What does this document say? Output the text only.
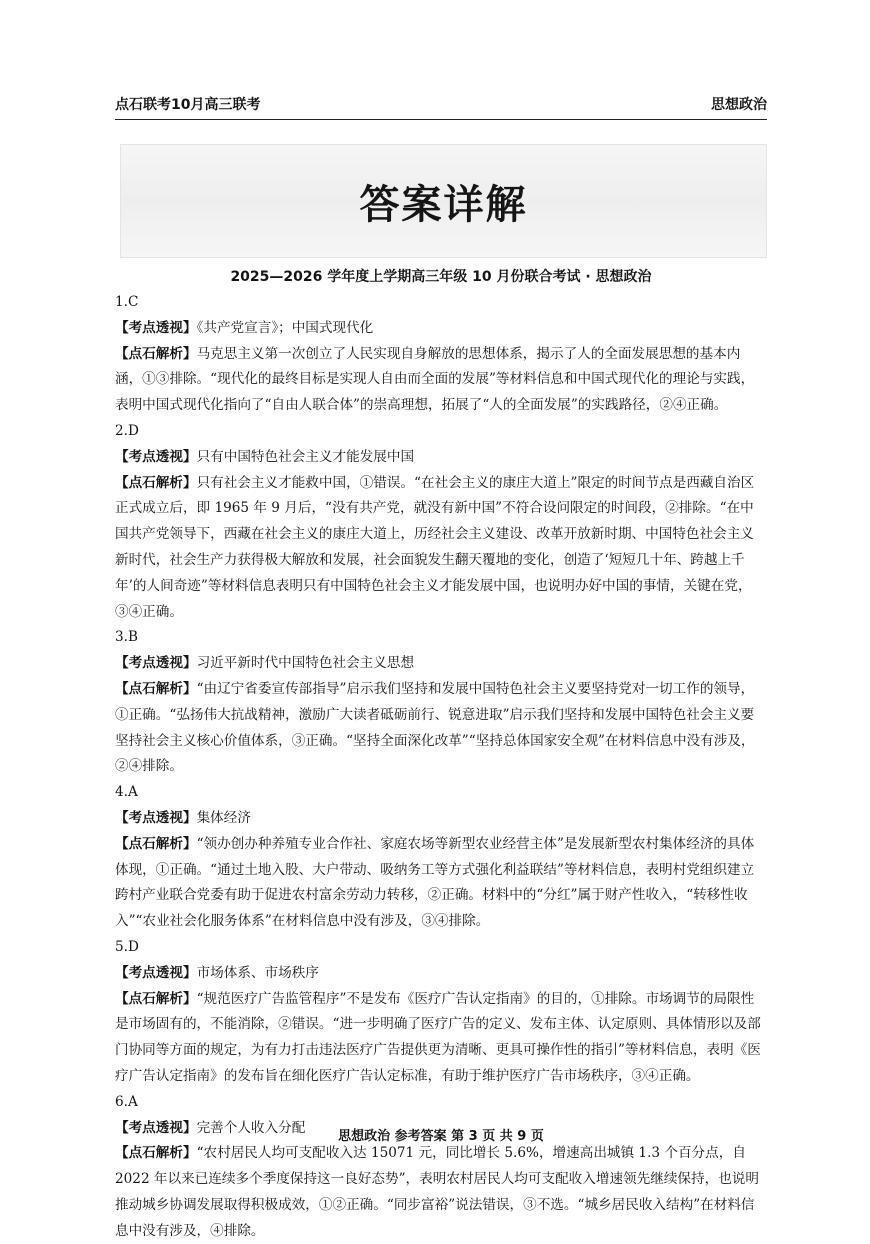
点石联考10月高三联考	思想政治
答案详解
2025—2026 学年度上学期高三年级 10 月份联合考试 · 思想政治

1.C

【考点透视】《共产党宣言》；中国式现代化

【点石解析】马克思主义第一次创立了人民实现自身解放的思想体系，揭示了人的全面发展思想的基本内涵，①③排除。“现代化的最终目标是实现人自由而全面的发展”等材料信息和中国式现代化的理论与实践，表明中国式现代化指向了“自由人联合体”的崇高理想，拓展了“人的全面发展”的实践路径，②④正确。

2.D

【考点透视】只有中国特色社会主义才能发展中国

【点石解析】只有社会主义才能救中国，①错误。“在社会主义的康庄大道上”限定的时间节点是西藏自治区正式成立后，即 1965 年 9 月后，“没有共产党，就没有新中国”不符合设问限定的时间段，②排除。“在中国共产党领导下，西藏在社会主义的康庄大道上，历经社会主义建设、改革开放新时期、中国特色社会主义新时代，社会生产力获得极大解放和发展，社会面貌发生翻天覆地的变化，创造了‘短短几十年、跨越上千年’的人间奇迹”等材料信息表明只有中国特色社会主义才能发展中国，也说明办好中国的事情，关键在党，③④正确。

3.B

【考点透视】习近平新时代中国特色社会主义思想

【点石解析】“由辽宁省委宣传部指导”启示我们坚持和发展中国特色社会主义要坚持党对一切工作的领导，①正确。“弘扬伟大抗战精神，激励广大读者砥砺前行、锐意进取”启示我们坚持和发展中国特色社会主义要坚持社会主义核心价值体系，③正确。“坚持全面深化改革”“坚持总体国家安全观”在材料信息中没有涉及，②④排除。

4.A

【考点透视】集体经济

【点石解析】“领办创办种养殖专业合作社、家庭农场等新型农业经营主体”是发展新型农村集体经济的具体体现，①正确。“通过土地入股、大户带动、吸纳务工等方式强化利益联结”等材料信息，表明村党组织建立跨村产业联合党委有助于促进农村富余劳动力转移，②正确。材料中的“分红”属于财产性收入，“转移性收入”“农业社会化服务体系”在材料信息中没有涉及，③④排除。

5.D

【考点透视】市场体系、市场秩序

【点石解析】“规范医疗广告监管程序”不是发布《医疗广告认定指南》的目的，①排除。市场调节的局限性是市场固有的，不能消除，②错误。“进一步明确了医疗广告的定义、发布主体、认定原则、具体情形以及部门协同等方面的规定，为有力打击违法医疗广告提供更为清晰、更具可操作性的指引”等材料信息，表明《医疗广告认定指南》的发布旨在细化医疗广告认定标准，有助于维护医疗广告市场秩序，③④正确。

6.A

【考点透视】完善个人收入分配

【点石解析】“农村居民人均可支配收入达 15071 元，同比增长 5.6%，增速高出城镇 1.3 个百分点，自 2022 年以来已连续多个季度保持这一良好态势”，表明农村居民人均可支配收入增速领先继续保持，也说明推动城乡协调发展取得积极成效，①②正确。“同步富裕”说法错误，③不选。“城乡居民收入结构”在材料信息中没有涉及，④排除。

思想政治 参考答案 第 3 页 共 9 页
